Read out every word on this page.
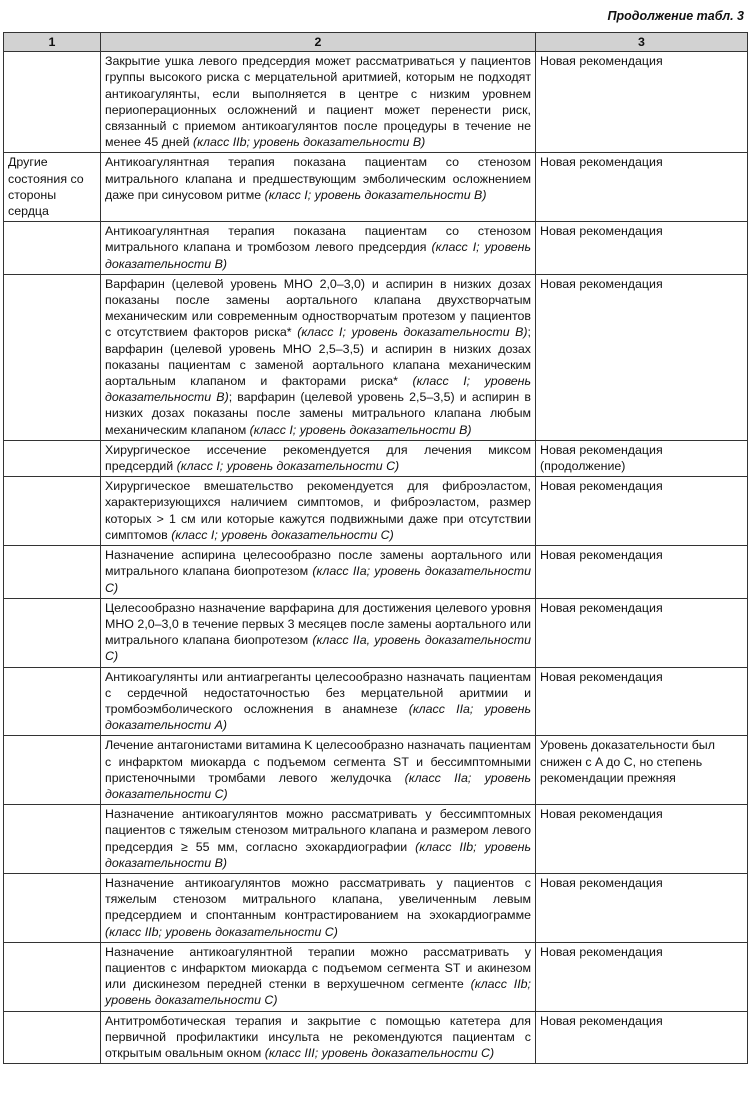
Продолжение табл. 3
1	2	3
	Закрытие ушка левого предсердия может рассматриваться у пациентов группы высокого риска с мерцательной аритмией, которым не подходят антикоагулянты, если выполняется в центре с низким уровнем периоперационных осложнений и пациент может перенести риск, связанный с приемом антикоагулянтов после процедуры в течение не менее 45 дней (класс IIb; уровень доказательности B)	Новая рекомендация
Другие состояния со стороны сердца	Антикоагулянтная терапия показана пациентам со стенозом митрального клапана и предшествующим эмболическим осложнением даже при синусовом ритме (класс I; уровень доказательности B)	Новая рекомендация
	Антикоагулянтная терапия показана пациентам со стенозом митрального клапана и тромбозом левого предсердия (класс I; уровень доказательности B)	Новая рекомендация
	Варфарин (целевой уровень МНО 2,0–3,0) и аспирин в низких дозах показаны после замены аортального клапана двухстворчатым механическим или современным одностворчатым протезом у пациентов с отсутствием факторов риска* (класс I; уровень доказательности B); варфарин (целевой уровень МНО 2,5–3,5) и аспирин в низких дозах показаны пациентам с заменой аортального клапана механическим аортальным клапаном и факторами риска* (класс I; уровень доказательности B); варфарин (целевой уровень 2,5–3,5) и аспирин в низких дозах показаны после замены митрального клапана любым механическим клапаном (класс I; уровень доказательности B)	Новая рекомендация
	Хирургическое иссечение рекомендуется для лечения миксом предсердий (класс I; уровень доказательности C)	Новая рекомендация (продолжение)
	Хирургическое вмешательство рекомендуется для фиброэластом, характеризующихся наличием симптомов, и фиброэластом, размер которых > 1 см или которые кажутся подвижными даже при отсутствии симптомов (класс I; уровень доказательности C)	Новая рекомендация
	Назначение аспирина целесообразно после замены аортального или митрального клапана биопротезом (класс IIa; уровень доказательности C)	Новая рекомендация
	Целесообразно назначение варфарина для достижения целевого уровня МНО 2,0–3,0 в течение первых 3 месяцев после замены аортального или митрального клапана биопротезом (класс IIa, уровень доказательности C)	Новая рекомендация
	Антикоагулянты или антиагреганты целесообразно назначать пациентам с сердечной недостаточностью без мерцательной аритмии и тромбоэмболического осложнения в анамнезе (класс IIa; уровень доказательности A)	Новая рекомендация
	Лечение антагонистами витамина K целесообразно назначать пациентам с инфарктом миокарда с подъемом сегмента ST и бессимптомными пристеночными тромбами левого желудочка (класс IIa; уровень доказательности C)	Уровень доказательности был снижен с A до C, но степень рекомендации прежняя
	Назначение антикоагулянтов можно рассматривать у бессимптомных пациентов с тяжелым стенозом митрального клапана и размером левого предсердия ≥ 55 мм, согласно эхокардиографии (класс IIb; уровень доказательности B)	Новая рекомендация
	Назначение антикоагулянтов можно рассматривать у пациентов с тяжелым стенозом митрального клапана, увеличенным левым предсердием и спонтанным контрастированием на эхокардиограмме (класс IIb; уровень доказательности C)	Новая рекомендация
	Назначение антикоагулянтной терапии можно рассматривать у пациентов с инфарктом миокарда с подъемом сегмента ST и акинезом или дискинезом передней стенки в верхушечном сегменте (класс IIb; уровень доказательности C)	Новая рекомендация
	Антитромботическая терапия и закрытие с помощью катетера для первичной профилактики инсульта не рекомендуются пациентам с открытым овальным окном (класс III; уровень доказательности C)	Новая рекомендация
